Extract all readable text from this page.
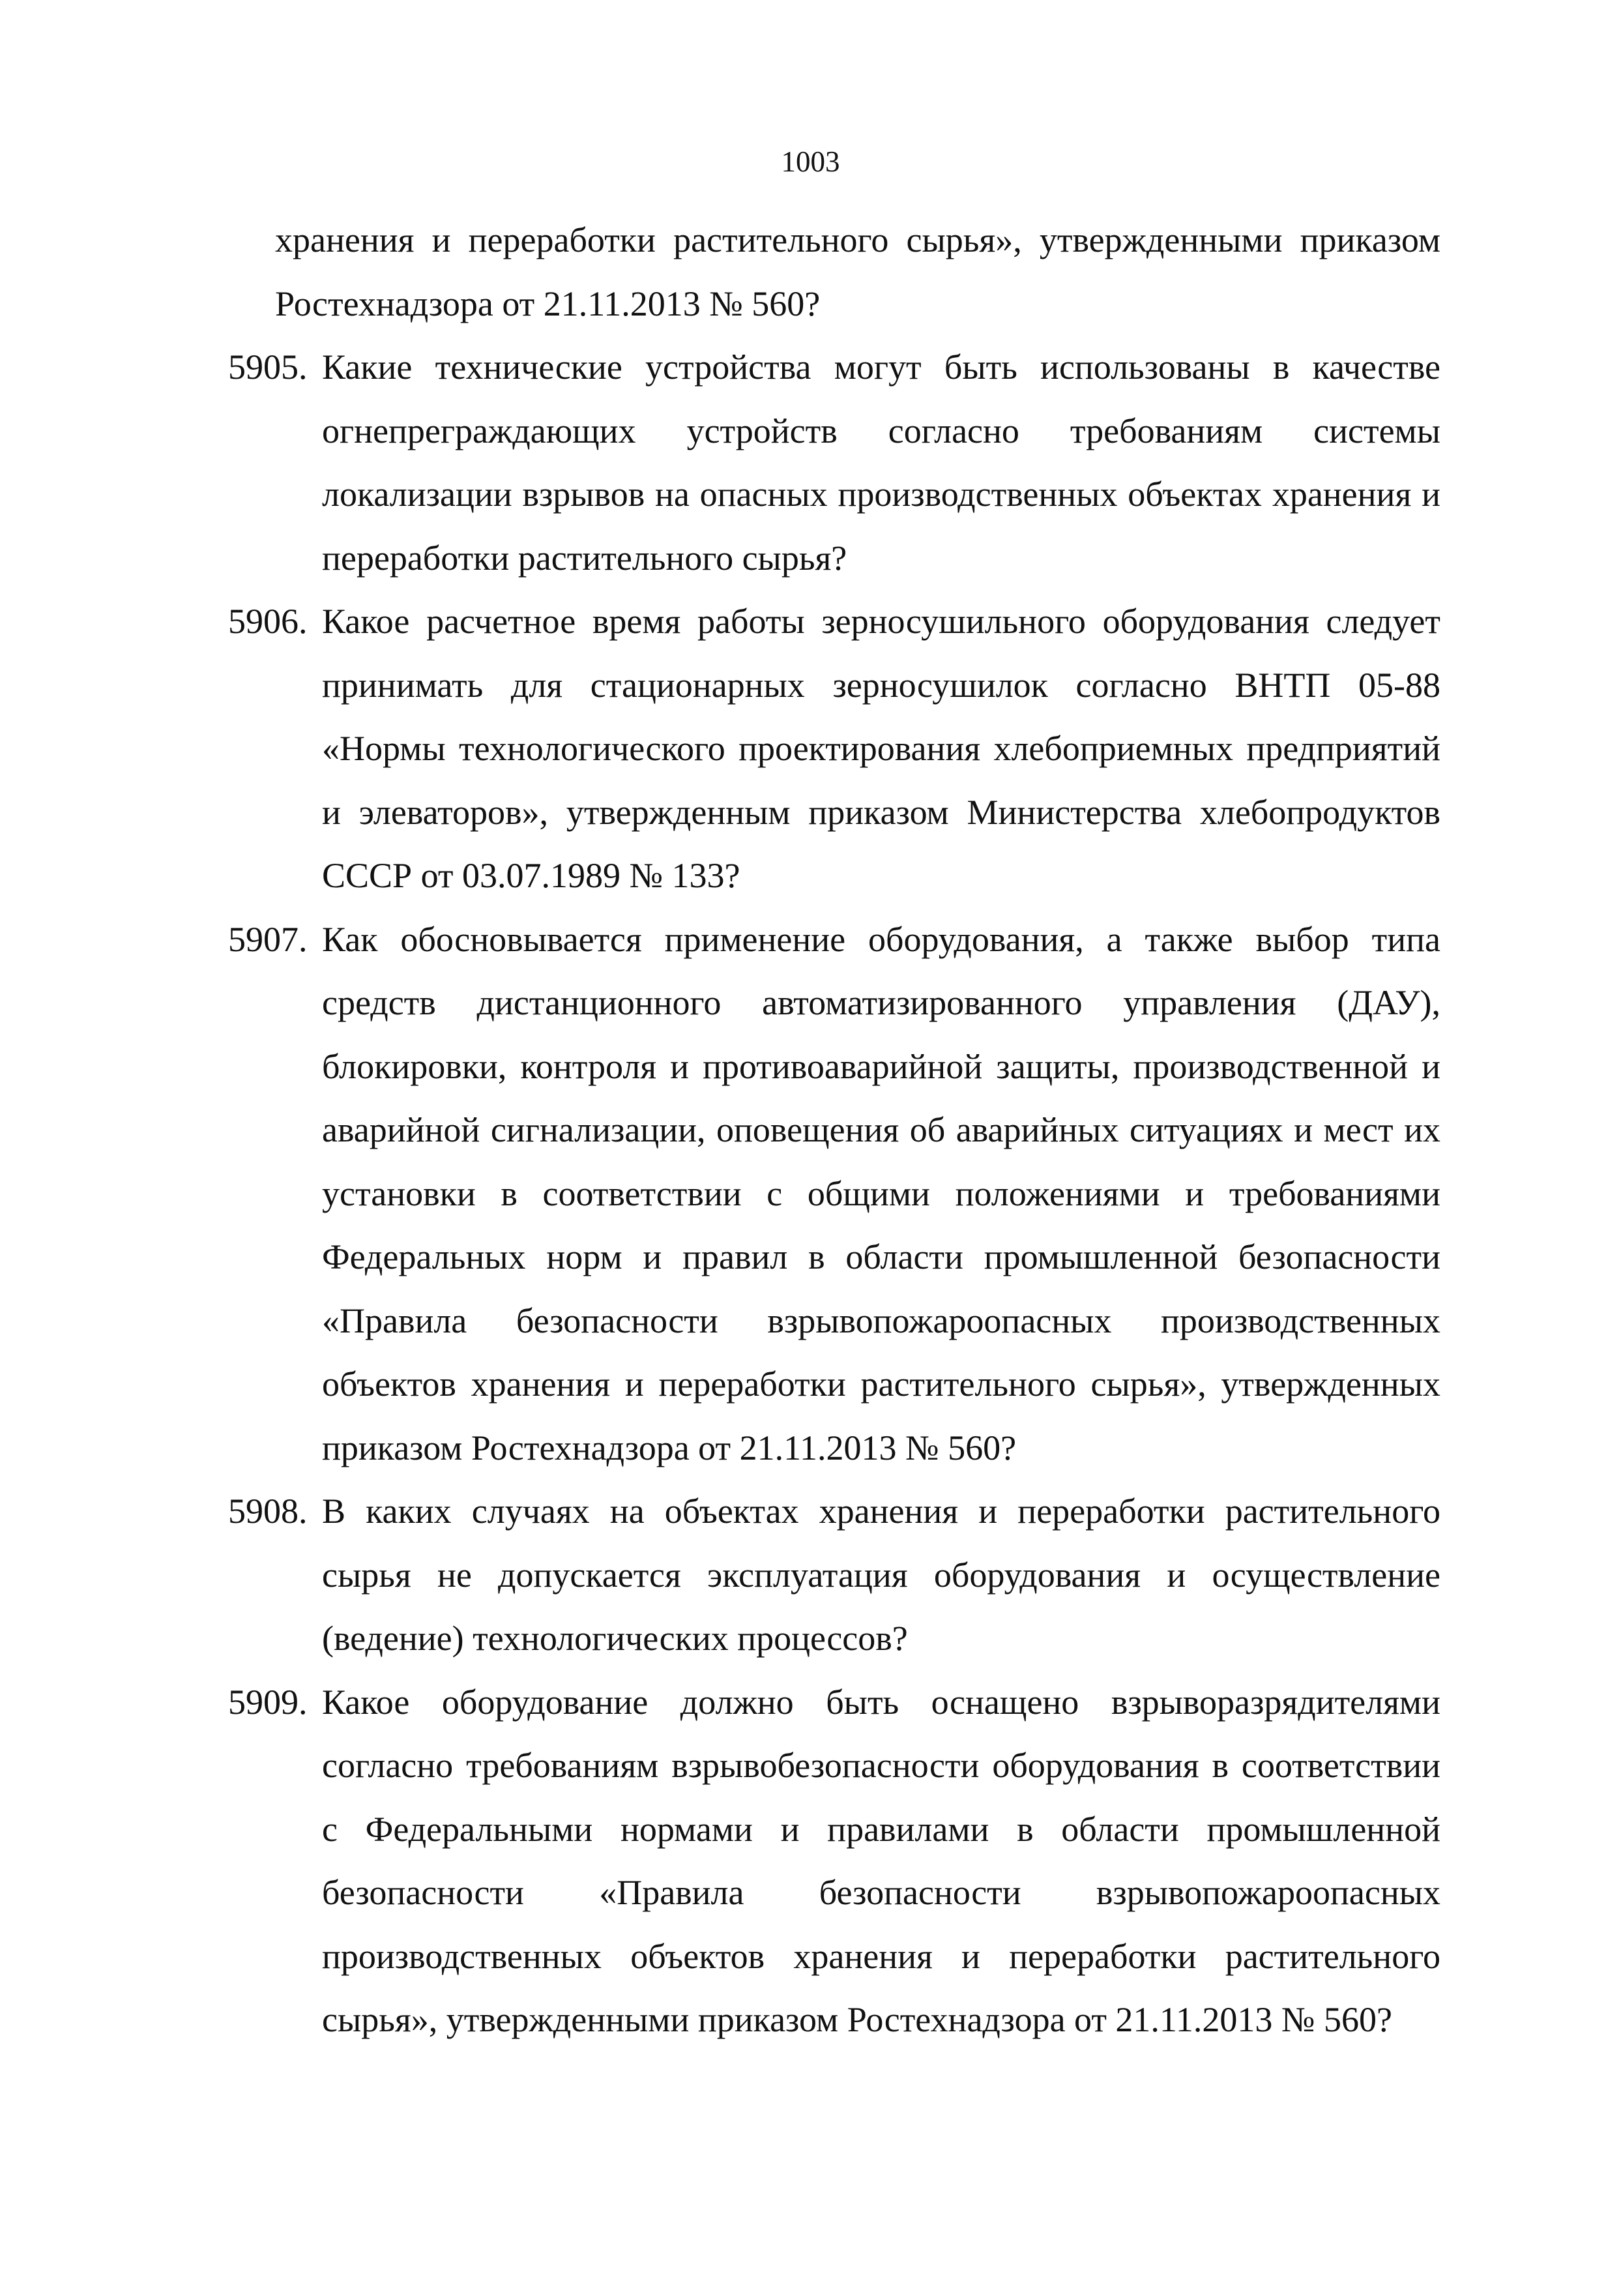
1003

хранения и переработки растительного сырья», утвержденными приказом Ростехнадзора от 21.11.2013 № 560?

5905. Какие технические устройства могут быть использованы в качестве огнепреграждающих устройств согласно требованиям системы локализации взрывов на опасных производственных объектах хранения и переработки растительного сырья?

5906. Какое расчетное время работы зерносушильного оборудования следует принимать для стационарных зерносушилок согласно ВНТП 05-88 «Нормы технологического проектирования хлебоприемных предприятий и элеваторов», утвержденным приказом Министерства хлебопродуктов СССР от 03.07.1989 № 133?

5907. Как обосновывается применение оборудования, а также выбор типа средств дистанционного автоматизированного управления (ДАУ), блокировки, контроля и противоаварийной защиты, производственной и аварийной сигнализации, оповещения об аварийных ситуациях и мест их установки в соответствии с общими положениями и требованиями Федеральных норм и правил в области промышленной безопасности «Правила безопасности взрывопожароопасных производственных объектов хранения и переработки растительного сырья», утвержденных приказом Ростехнадзора от 21.11.2013 № 560?

5908. В каких случаях на объектах хранения и переработки растительного сырья не допускается эксплуатация оборудования и осуществление (ведение) технологических процессов?

5909. Какое оборудование должно быть оснащено взрыворазрядителями согласно требованиям взрывобезопасности оборудования в соответствии с Федеральными нормами и правилами в области промышленной безопасности «Правила безопасности взрывопожароопасных производственных объектов хранения и переработки растительного сырья», утвержденными приказом Ростехнадзора от 21.11.2013 № 560?
